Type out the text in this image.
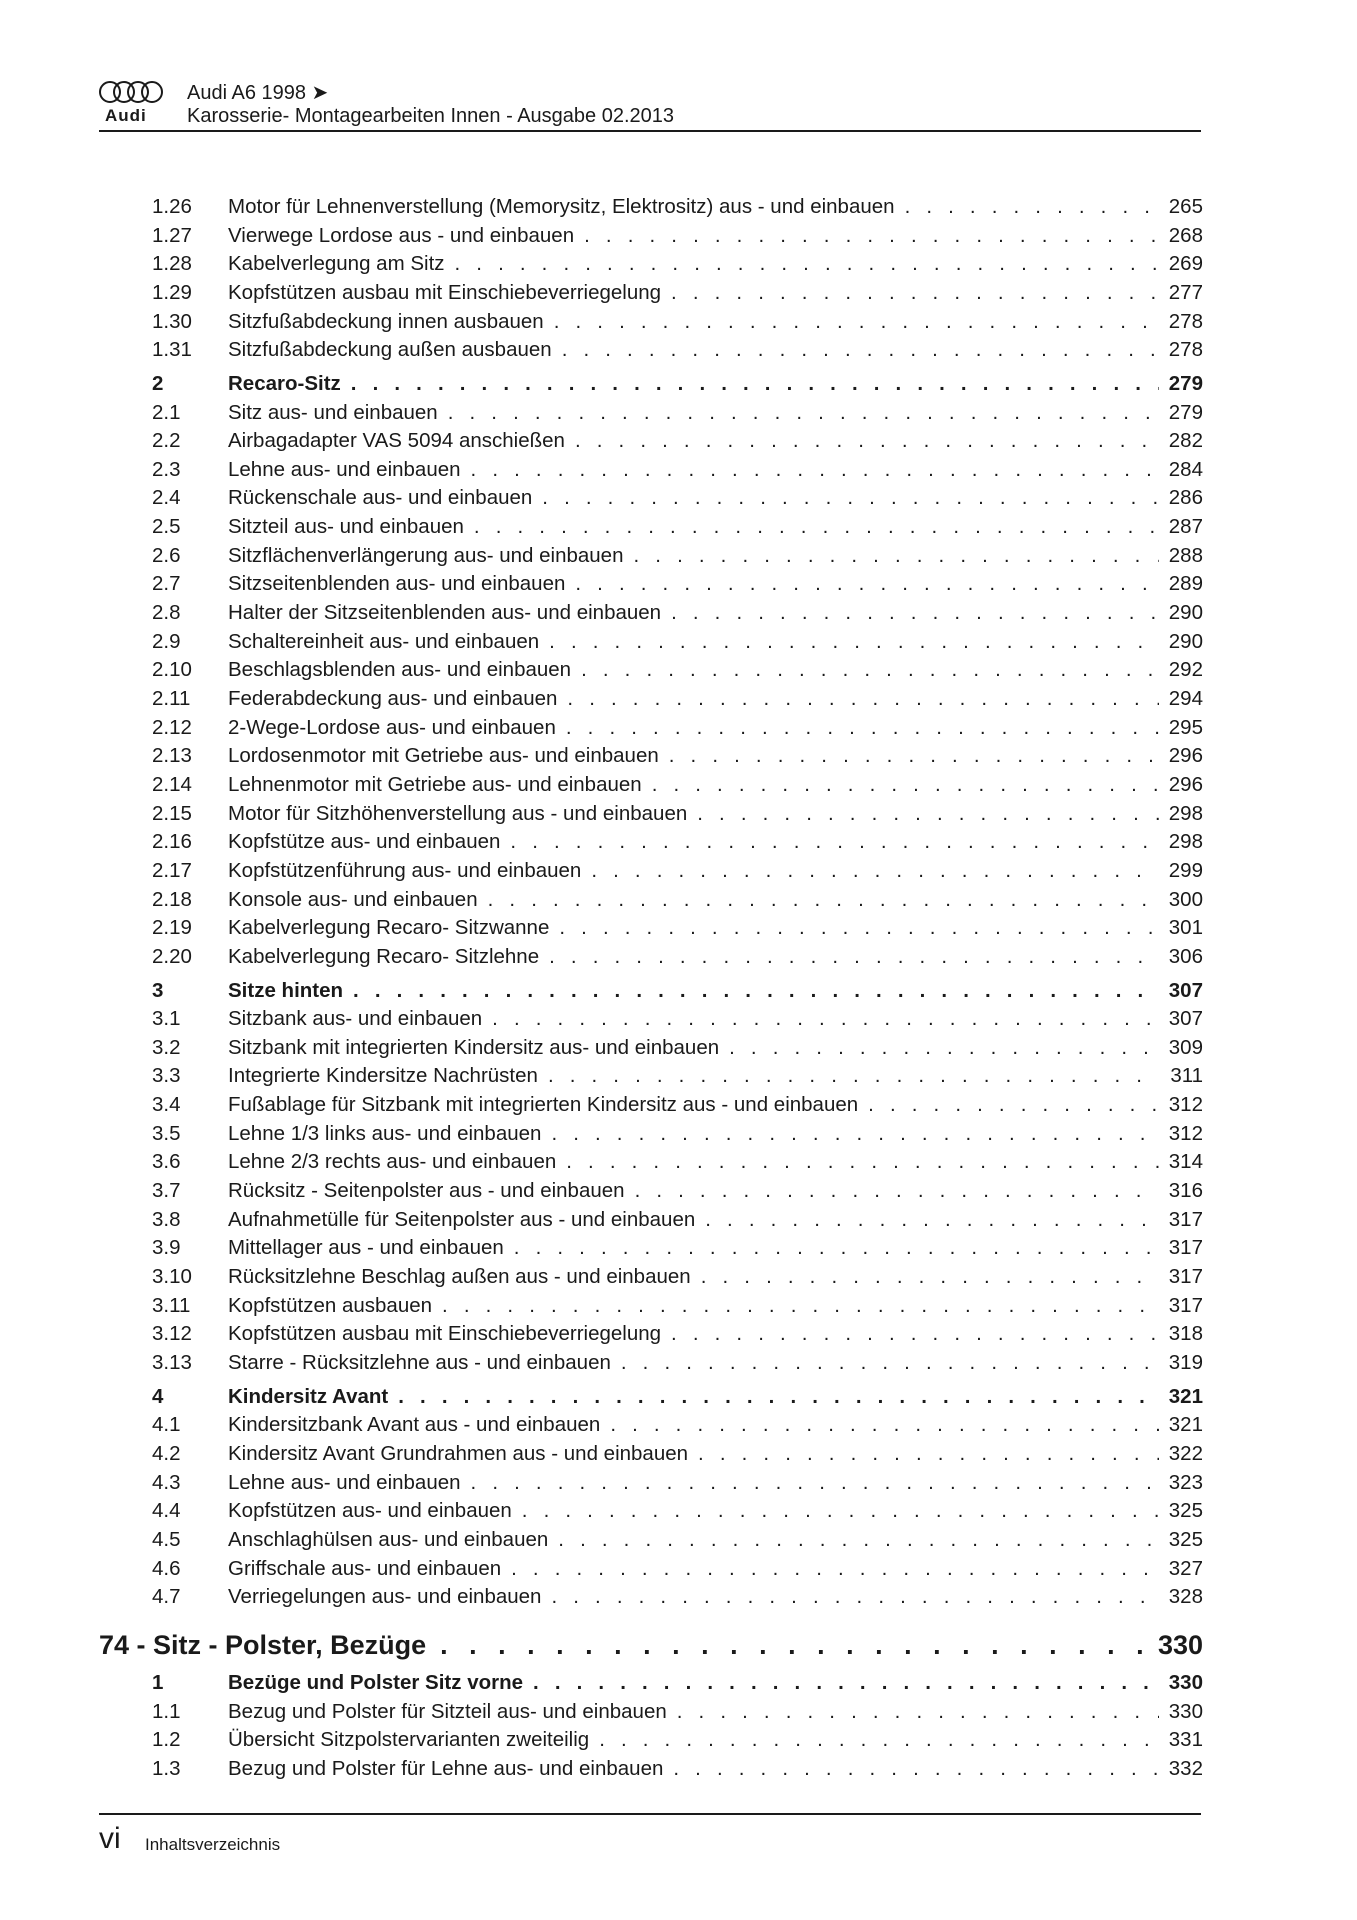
Audi
Audi A6 1998 ➤
Karosserie- Montagearbeiten Innen - Ausgabe 02.2013
1.26	Motor für Lehnenverstellung (Memorysitz, Elektrositz) aus - und einbauen . . .	265
1.27	Vierwege Lordose aus - und einbauen . . .	268
1.28	Kabelverlegung am Sitz . . .	269
1.29	Kopfstützen ausbau mit Einschiebeverriegelung . . .	277
1.30	Sitzfußabdeckung innen ausbauen . . .	278
1.31	Sitzfußabdeckung außen ausbauen . . .	278
2	Recaro-Sitz . . .	279
2.1	Sitz aus- und einbauen . . .	279
2.2	Airbagadapter VAS 5094 anschießen . . .	282
2.3	Lehne aus- und einbauen . . .	284
2.4	Rückenschale aus- und einbauen . . .	286
2.5	Sitzteil aus- und einbauen . . .	287
2.6	Sitzflächenverlängerung aus- und einbauen . . .	288
2.7	Sitzseitenblenden aus- und einbauen . . .	289
2.8	Halter der Sitzseitenblenden aus- und einbauen . . .	290
2.9	Schaltereinheit aus- und einbauen . . .	290
2.10	Beschlagsblenden aus- und einbauen . . .	292
2.11	Federabdeckung aus- und einbauen . . .	294
2.12	2-Wege-Lordose aus- und einbauen . . .	295
2.13	Lordosenmotor mit Getriebe aus- und einbauen . . .	296
2.14	Lehnenmotor mit Getriebe aus- und einbauen . . .	296
2.15	Motor für Sitzhöhenverstellung aus - und einbauen . . .	298
2.16	Kopfstütze aus- und einbauen . . .	298
2.17	Kopfstützenführung aus- und einbauen . . .	299
2.18	Konsole aus- und einbauen . . .	300
2.19	Kabelverlegung Recaro- Sitzwanne . . .	301
2.20	Kabelverlegung Recaro- Sitzlehne . . .	306
3	Sitze hinten . . .	307
3.1	Sitzbank aus- und einbauen . . .	307
3.2	Sitzbank mit integrierten Kindersitz aus- und einbauen . . .	309
3.3	Integrierte Kindersitze Nachrüsten . . .	311
3.4	Fußablage für Sitzbank mit integrierten Kindersitz aus - und einbauen . . .	312
3.5	Lehne 1/3 links aus- und einbauen . . .	312
3.6	Lehne 2/3 rechts aus- und einbauen . . .	314
3.7	Rücksitz - Seitenpolster aus - und einbauen . . .	316
3.8	Aufnahmetülle für Seitenpolster aus - und einbauen . . .	317
3.9	Mittellager aus - und einbauen . . .	317
3.10	Rücksitzlehne Beschlag außen aus - und einbauen . . .	317
3.11	Kopfstützen ausbauen . . .	317
3.12	Kopfstützen ausbau mit Einschiebeverriegelung . . .	318
3.13	Starre - Rücksitzlehne aus - und einbauen . . .	319
4	Kindersitz Avant . . .	321
4.1	Kindersitzbank Avant aus - und einbauen . . .	321
4.2	Kindersitz Avant Grundrahmen aus - und einbauen . . .	322
4.3	Lehne aus- und einbauen . . .	323
4.4	Kopfstützen aus- und einbauen . . .	325
4.5	Anschlaghülsen aus- und einbauen . . .	325
4.6	Griffschale aus- und einbauen . . .	327
4.7	Verriegelungen aus- und einbauen . . .	328
74 - Sitz - Polster, Bezüge . . .	330
1	Bezüge und Polster Sitz vorne . . .	330
1.1	Bezug und Polster für Sitzteil aus- und einbauen . . .	330
1.2	Übersicht Sitzpolstervarianten zweiteilig . . .	331
1.3	Bezug und Polster für Lehne aus- und einbauen . . .	332
vi Inhaltsverzeichnis
